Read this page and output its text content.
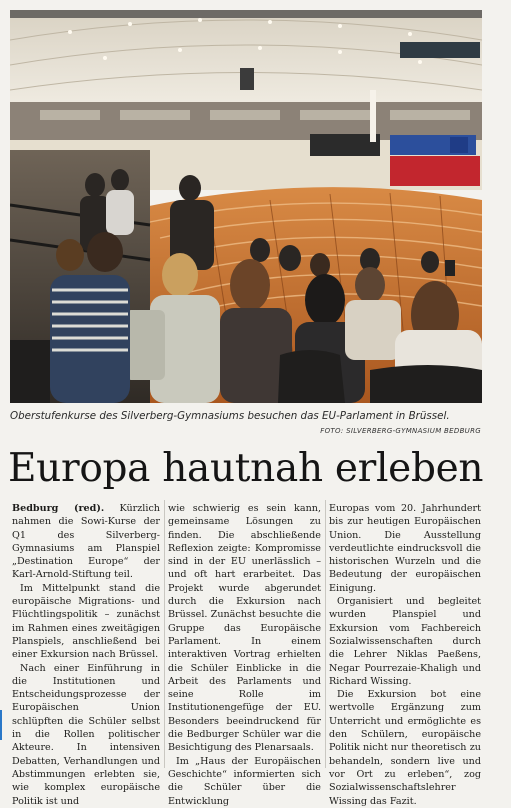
Oberstufenkurse des Silverberg-Gymnasiums besuchen das EU-Parlament in Brüssel.
FOTO: SILVERBERG-GYMNASIUM BEDBURG
Europa hautnah erleben

Bedburg (red). Kürzlich nahmen die Sowi-Kurse der Q1 des Silverberg-Gymnasiums am Planspiel „Destination Europe“ der Karl-Arnold-Stiftung teil.

Im Mittelpunkt stand die europäische Migrations- und Flüchtlingspolitik – zunächst im Rahmen eines zweitägigen Planspiels, anschließend bei einer Exkursion nach Brüssel.

Nach einer Einführung in die Institutionen und Entscheidungsprozesse der Europäischen Union schlüpften die Schüler selbst in die Rollen politischer Akteure. In intensiven Debatten, Verhandlungen und Abstimmungen erlebten sie, wie komplex europäische Politik ist und

wie schwierig es sein kann, gemeinsame Lösungen zu finden. Die abschließende Reflexion zeigte: Kompromisse sind in der EU unerlässlich – und oft hart erarbeitet. Das Projekt wurde abgerundet durch die Exkursion nach Brüssel. Zunächst besuchte die Gruppe das Europäische Parlament. In einem interaktiven Vortrag erhielten die Schüler Einblicke in die Arbeit des Parlaments und seine Rolle im Institutionengefüge der EU. Besonders beeindruckend für die Bedburger Schüler war die Besichtigung des Plenarsaals.

Im „Haus der Europäischen Geschichte“ informierten sich die Schüler über die Entwicklung

Europas vom 20. Jahrhundert bis zur heutigen Europäischen Union. Die Ausstellung verdeutlichte eindrucksvoll die historischen Wurzeln und die Bedeutung der europäischen Einigung.

Organisiert und begleitet wurden Planspiel und Exkursion vom Fachbereich Sozialwissenschaften durch die Lehrer Niklas Paeßens, Negar Pourrezaie-Khaligh und Richard Wissing.

Die Exkursion bot eine wertvolle Ergänzung zum Unterricht und ermöglichte es den Schülern, europäische Politik nicht nur theoretisch zu behandeln, sondern live und vor Ort zu erleben“, zog Sozialwissenschaftslehrer Wissing das Fazit.
